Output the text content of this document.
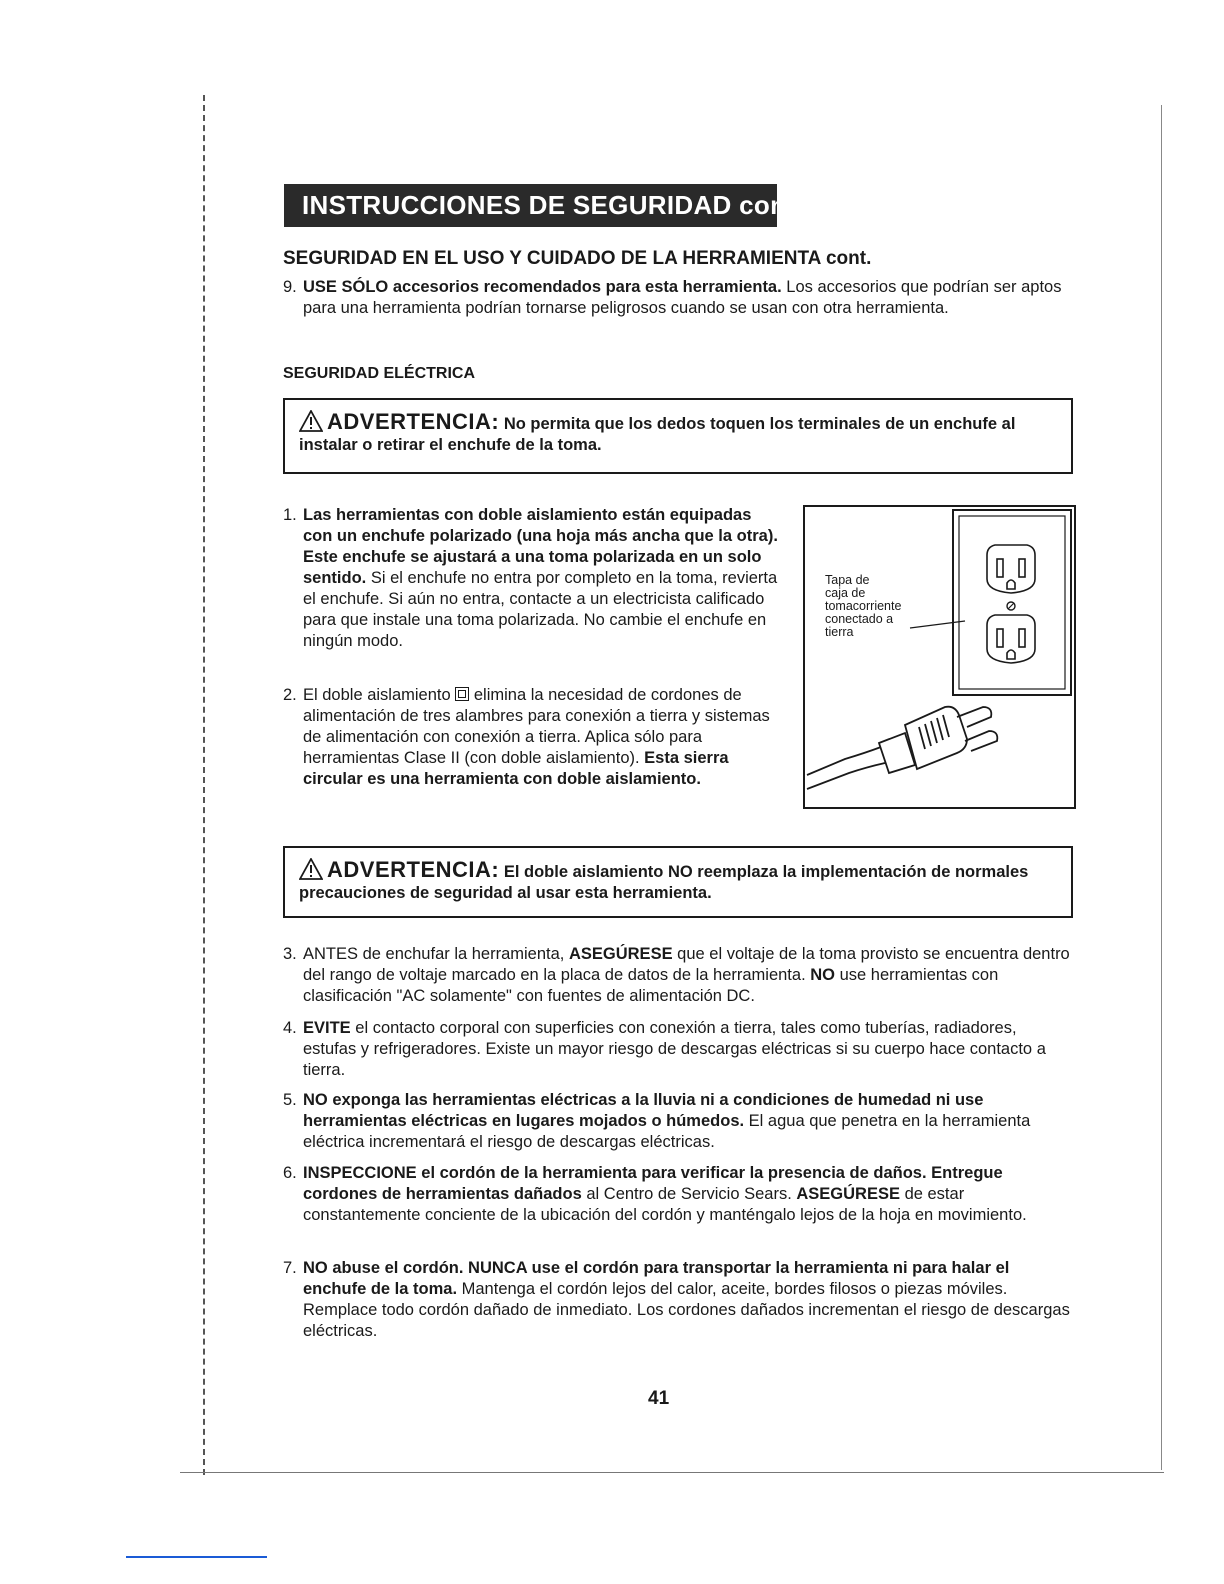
INSTRUCCIONES DE SEGURIDAD cont.
SEGURIDAD EN EL USO Y CUIDADO DE LA HERRAMIENTA cont.
9. USE SÓLO accesorios recomendados para esta herramienta. Los accesorios que podrían ser aptos para una herramienta podrían tornarse peligrosos cuando se usan con otra herramienta.
SEGURIDAD ELÉCTRICA
ADVERTENCIA: No permita que los dedos toquen los terminales de un enchufe al instalar o retirar el enchufe de la toma.
1. Las herramientas con doble aislamiento están equipadas con un enchufe polarizado (una hoja más ancha que la otra). Este enchufe se ajustará a una toma polarizada en un solo sentido. Si el enchufe no entra por completo en la toma, revierta el enchufe. Si aún no entra, contacte a un electricista calificado para que instale una toma polarizada. No cambie el enchufe en ningún modo.
2. El doble aislamiento  elimina la necesidad de cordones de alimentación de tres alambres para conexión a tierra y sistemas de alimentación con conexión a tierra. Aplica sólo para herramientas Clase II (con doble aislamiento). Esta sierra circular es una herramienta con doble aislamiento.
Tapa de
caja de
tomacorriente
conectado a
tierra
ADVERTENCIA: El doble aislamiento NO reemplaza la implementación de normales precauciones de seguridad al usar esta herramienta.
3. ANTES de enchufar la herramienta, ASEGÚRESE que el voltaje de la toma provisto se encuentra dentro del rango de voltaje marcado en la placa de datos de la herramienta. NO use herramientas con clasificación "AC solamente" con fuentes de alimentación DC.
4. EVITE el contacto corporal con superficies con conexión a tierra, tales como tuberías, radiadores, estufas y refrigeradores. Existe un mayor riesgo de descargas eléctricas si su cuerpo hace contacto a tierra.
5. NO exponga las herramientas eléctricas a la lluvia ni a condiciones de humedad ni use herramientas eléctricas en lugares mojados o húmedos. El agua que penetra en la herramienta eléctrica incrementará el riesgo de descargas eléctricas.
6. INSPECCIONE el cordón de la herramienta para verificar la presencia de daños. Entregue cordones de herramientas dañados al Centro de Servicio Sears. ASEGÚRESE de estar constantemente conciente de la ubicación del cordón y manténgalo lejos de la hoja en movimiento.
7. NO abuse el cordón. NUNCA use el cordón para transportar la herramienta ni para halar el enchufe de la toma. Mantenga el cordón lejos del calor, aceite, bordes filosos o piezas móviles. Remplace todo cordón dañado de inmediato. Los cordones dañados incrementan el riesgo de descargas eléctricas.
41
